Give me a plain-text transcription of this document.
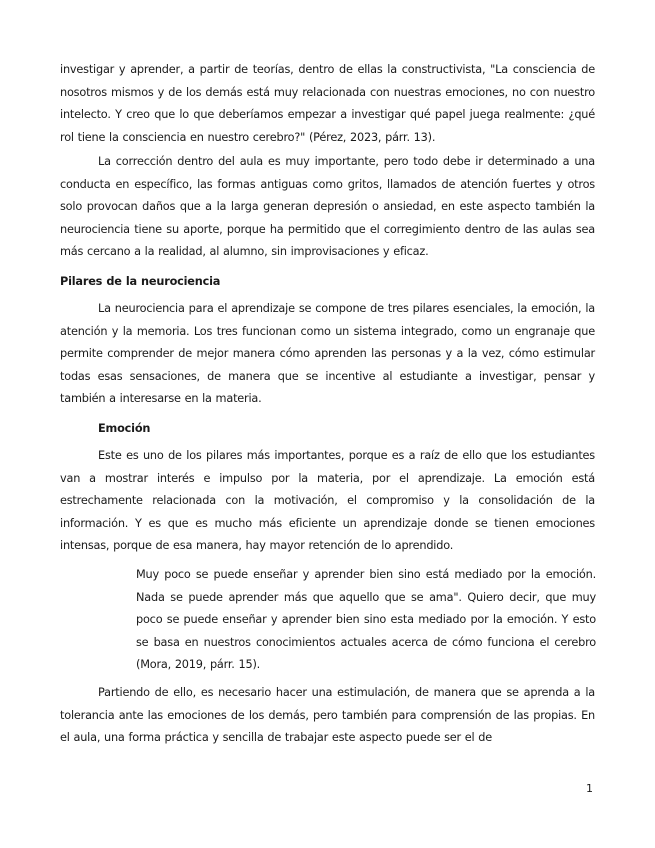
investigar y aprender, a partir de teorías, dentro de ellas la constructivista, "La consciencia de nosotros mismos y de los demás está muy relacionada con nuestras emociones, no con nuestro intelecto. Y creo que lo que deberíamos empezar a investigar qué papel juega realmente: ¿qué rol tiene la consciencia en nuestro cerebro?" (Pérez, 2023, párr. 13).

La corrección dentro del aula es muy importante, pero todo debe ir determinado a una conducta en específico, las formas antiguas como gritos, llamados de atención fuertes y otros solo provocan daños que a la larga generan depresión o ansiedad, en este aspecto también la neurociencia tiene su aporte, porque ha permitido que el corregimiento dentro de las aulas sea más cercano a la realidad, al alumno, sin improvisaciones y eficaz.

Pilares de la neurociencia

La neurociencia para el aprendizaje se compone de tres pilares esenciales, la emoción, la atención y la memoria. Los tres funcionan como un sistema integrado, como un engranaje que permite comprender de mejor manera cómo aprenden las personas y a la vez, cómo estimular todas esas sensaciones, de manera que se incentive al estudiante a investigar, pensar y también a interesarse en la materia.

Emoción

Este es uno de los pilares más importantes, porque es a raíz de ello que los estudiantes van a mostrar interés e impulso por la materia, por el aprendizaje. La emoción está estrechamente relacionada con la motivación, el compromiso y la consolidación de la información. Y es que es mucho más eficiente un aprendizaje donde se tienen emociones intensas, porque de esa manera, hay mayor retención de lo aprendido.

Muy poco se puede enseñar y aprender bien sino está mediado por la emoción. Nada se puede aprender más que aquello que se ama". Quiero decir, que muy poco se puede enseñar y aprender bien sino esta mediado por la emoción. Y esto se basa en nuestros conocimientos actuales acerca de cómo funciona el cerebro (Mora, 2019, párr. 15).

Partiendo de ello, es necesario hacer una estimulación, de manera que se aprenda a la tolerancia ante las emociones de los demás, pero también para comprensión de las propias. En el aula, una forma práctica y sencilla de trabajar este aspecto puede ser el de

1
